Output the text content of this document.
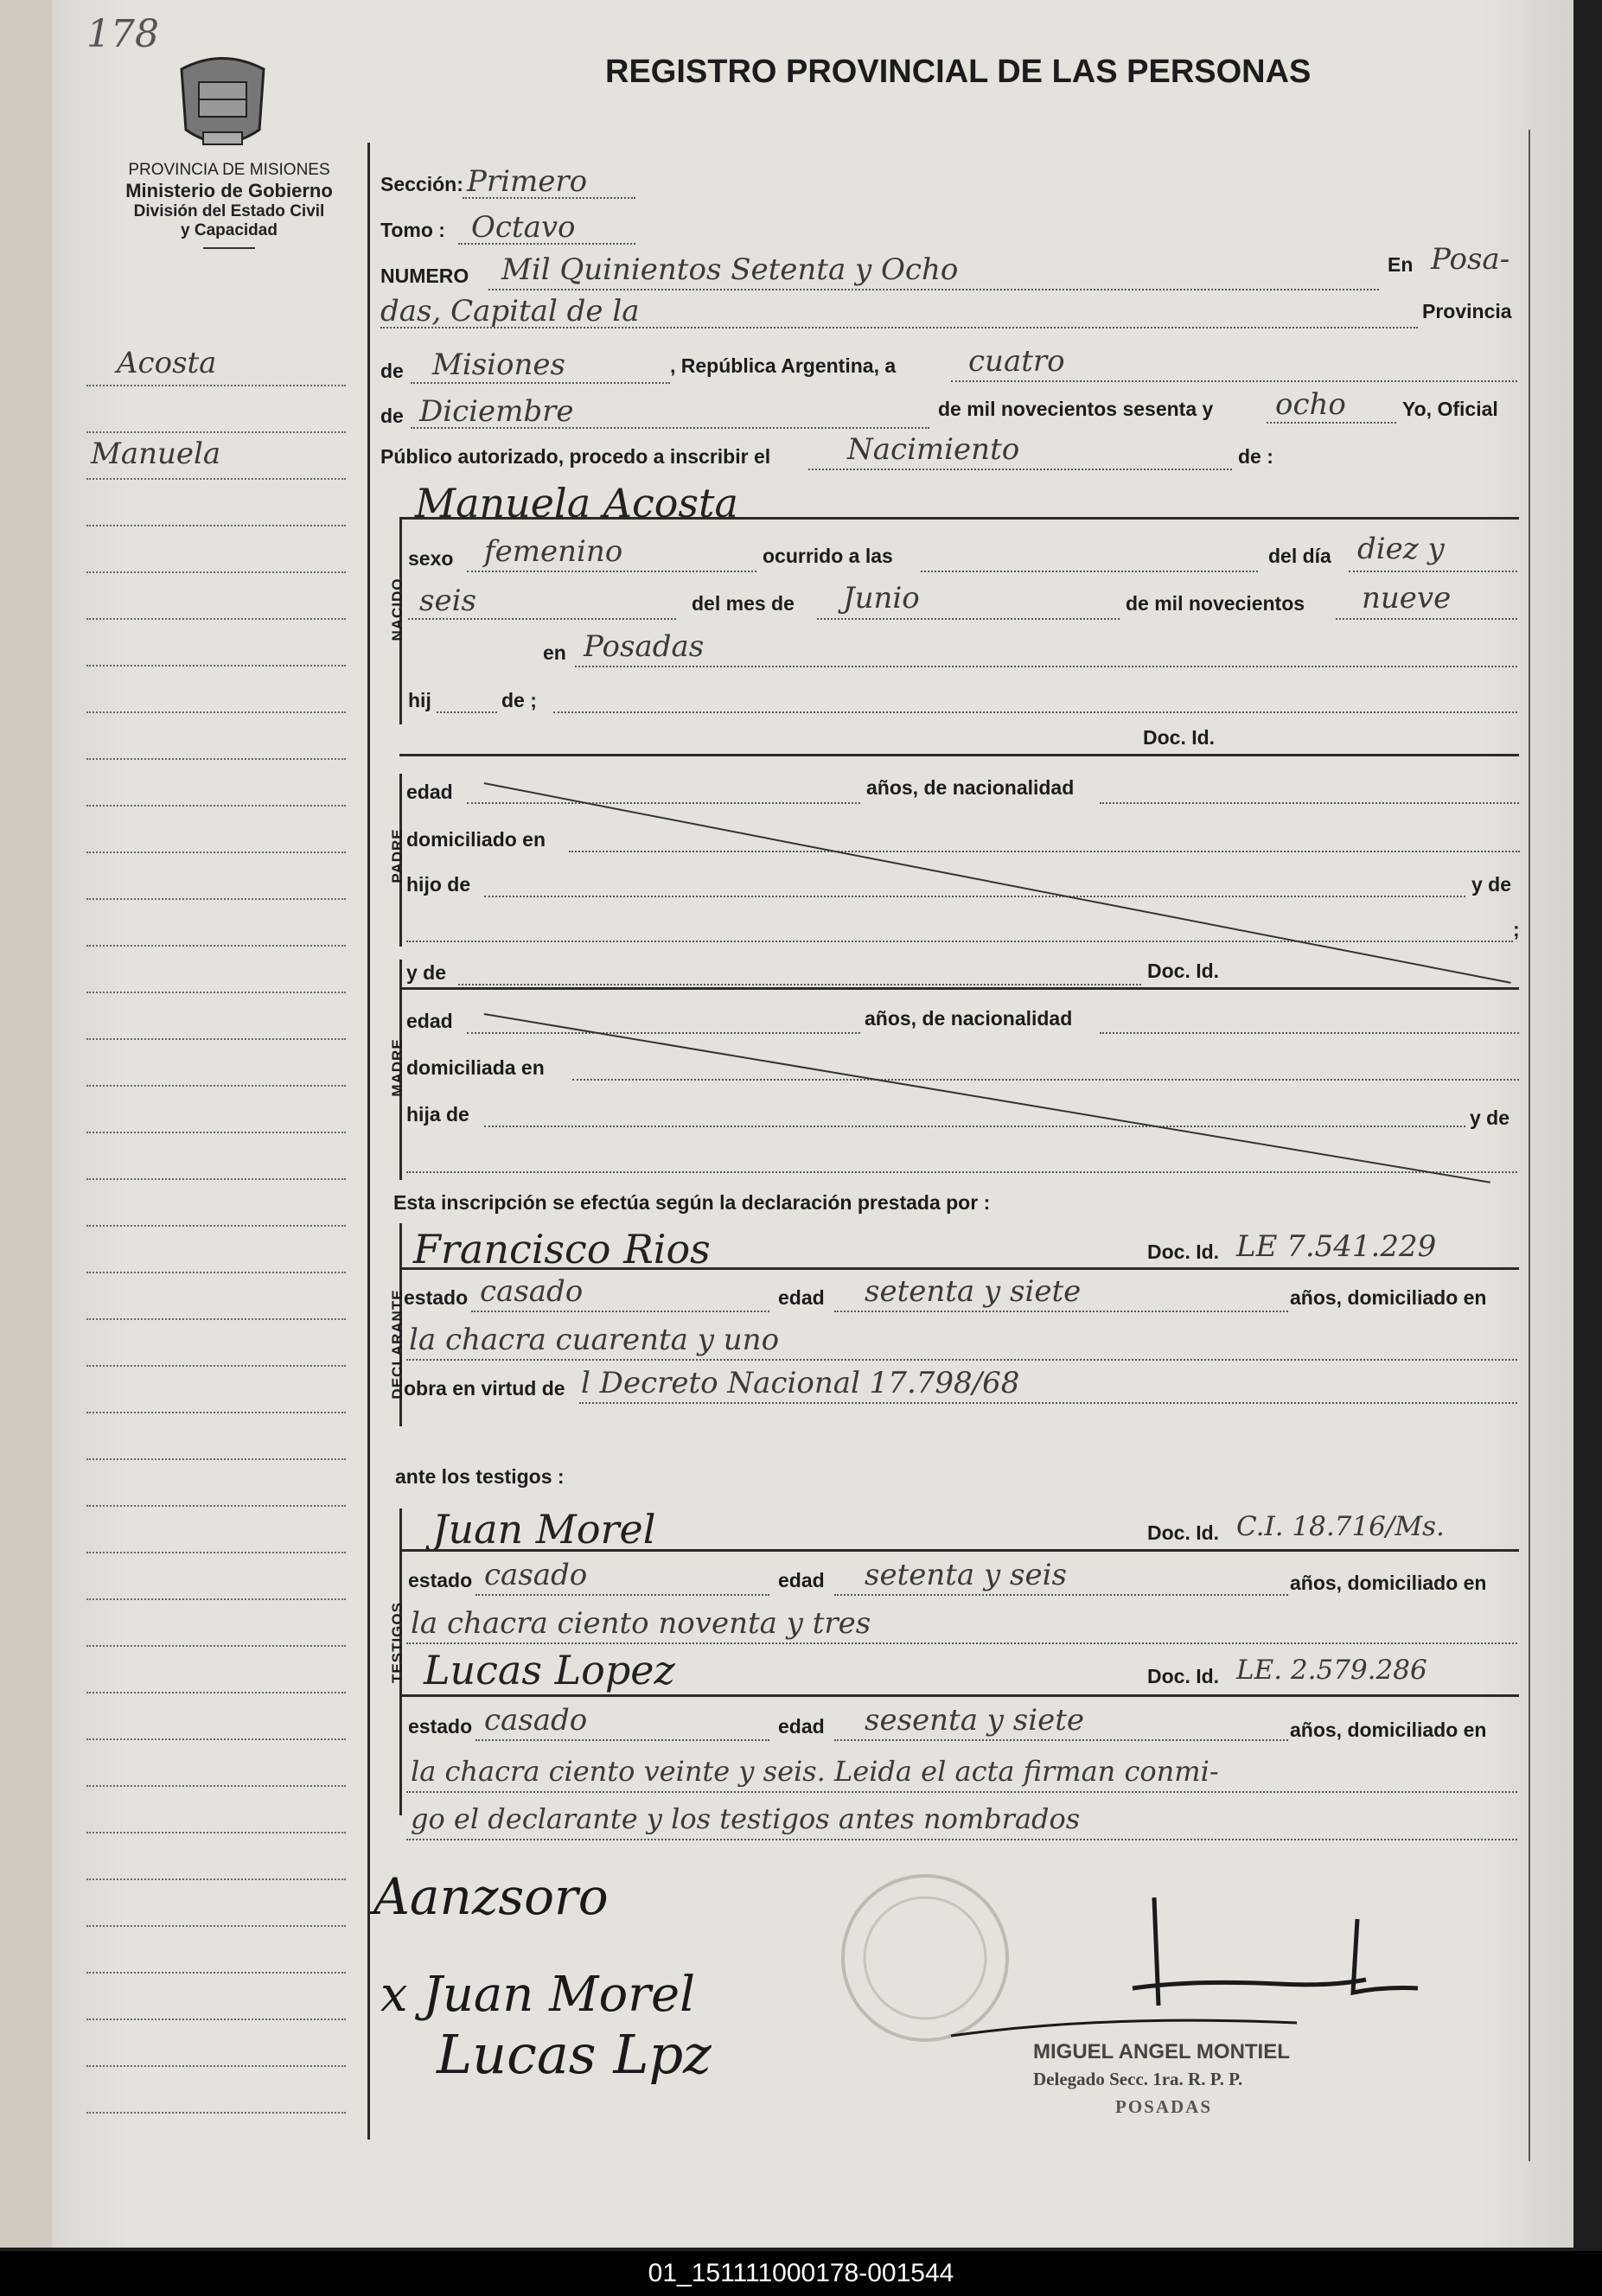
178
REGISTRO PROVINCIAL DE LAS PERSONAS
PROVINCIA DE MISIONES
Ministerio de Gobierno
División del Estado Civil
y Capacidad
Acosta
Manuela
Sección: Primero
Tomo : Octavo
NUMERO Mil Quinientos Setenta y Ocho	En Posa-
das, Capital de la	Provincia
de Misiones	, República Argentina, a cuatro
de Diciembre	de mil novecientos sesenta y ocho	Yo, Oficial
Público autorizado, procedo a inscribir el	Nacimiento	de :
Manuela Acosta
NACIDO
sexo femenino	ocurrido a las	del día diez y
seis	del mes de Junio	de mil novecientos nueve
en Posadas
hij	de ;
Doc. Id.
PADRE
edad	años, de nacionalidad
domiciliado en
hijo de	y de
;
MADRE
y de	Doc. Id.
edad	años, de nacionalidad
domiciliada en
hija de	y de
Esta inscripción se efectúa según la declaración prestada por :
DECLARANTE
Francisco Rios	Doc. Id. LE 7.541.229
estado casado	edad setenta y siete	años, domiciliado en
la chacra cuarenta y uno
obra en virtud de l Decreto Nacional 17.798/68
ante los testigos :
TESTIGOS
Juan Morel	Doc. Id. C.I. 18.716/Ms.
estado casado	edad setenta y seis	años, domiciliado en
la chacra ciento noventa y tres
Lucas Lopez	Doc. Id. LE. 2.579.286
estado casado	edad sesenta y siete	años, domiciliado en
la chacra ciento veinte y seis. Leida el acta firman conmi-
go el declarante y los testigos antes nombrados
Aanzsoro
x Juan Morel
Lucas Lpz	MIGUEL ANGEL MONTIEL
Delegado Secc. 1ra. R. P. P.
POSADAS
01_151111000178-001544
